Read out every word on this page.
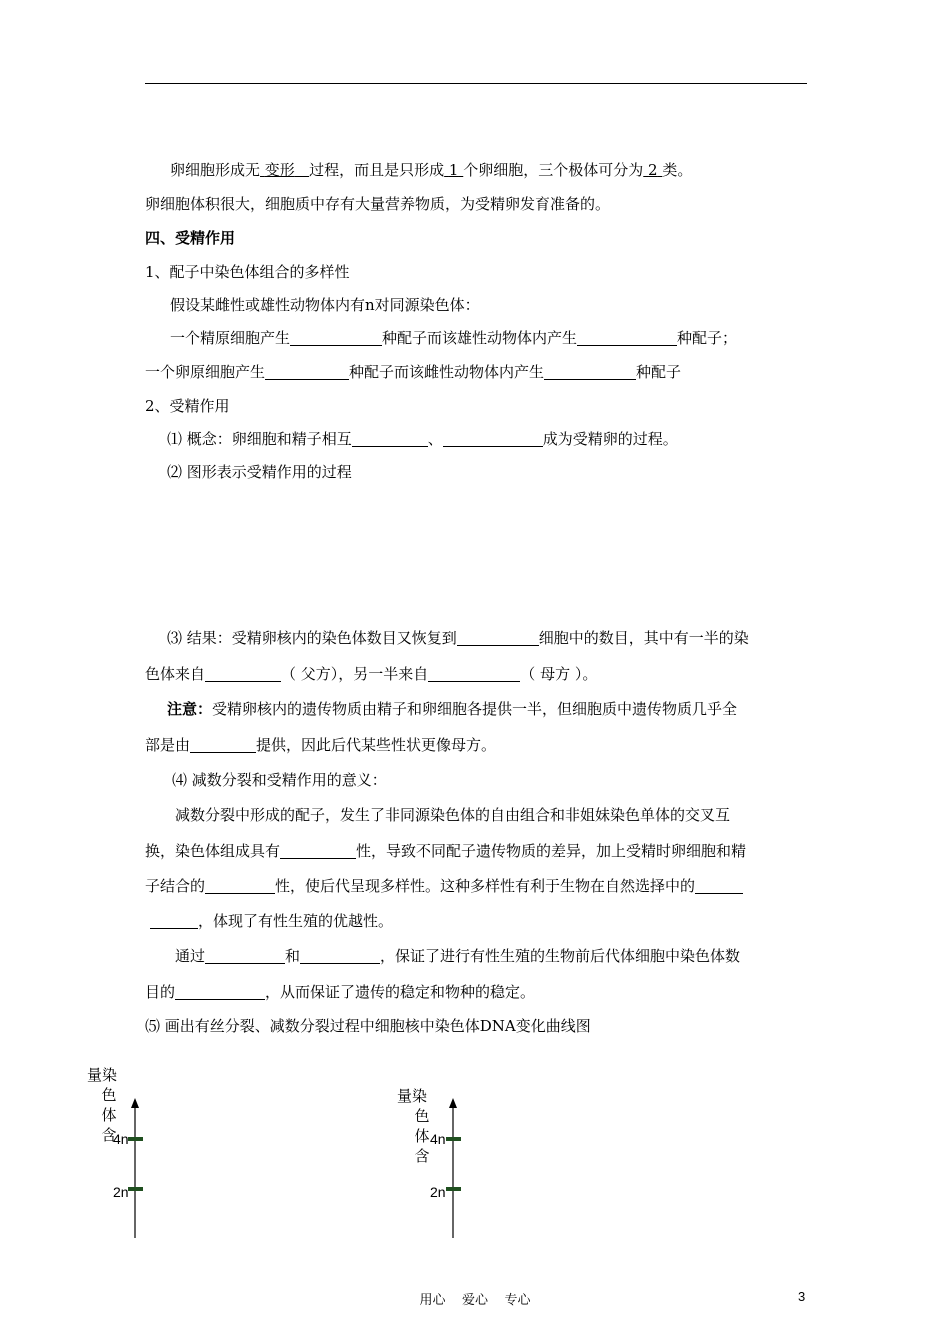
卵细胞形成无 变形 过程，而且是只形成 1 个卵细胞，三个极体可分为 2 类。
卵细胞体积很大，细胞质中存有大量营养物质，为受精卵发育准备的。
四、受精作用
1、配子中染色体组合的多样性
假设某雌性或雄性动物体内有n对同源染色体：
一个精原细胞产生	种配子而该雄性动物体内产生	种配子；
一个卵原细胞产生	种配子而该雌性动物体内产生	种配子
2、受精作用
⑴ 概念：卵细胞和精子相互	、	成为受精卵的过程。
⑵ 图形表示受精作用的过程
⑶ 结果：受精卵核内的染色体数目又恢复到	细胞中的数目，其中有一半的染
色体来自	（ 父方），另一半来自	（ 母方 ）。
注意：受精卵核内的遗传物质由精子和卵细胞各提供一半，但细胞质中遗传物质几乎全
部是由	提供，因此后代某些性状更像母方。
⑷ 减数分裂和受精作用的意义：
减数分裂中形成的配子，发生了非同源染色体的自由组合和非姐妹染色单体的交叉互
换，染色体组成具有	性，导致不同配子遗传物质的差异，加上受精时卵细胞和精
子结合的	性，使后代呈现多样性。这种多样性有利于生物在自然选择中的
，体现了有性生殖的优越性。
通过	和	，保证了进行有性生殖的生物前后代体细胞中染色体数
目的	，从而保证了遗传的稳定和物种的稳定。
⑸ 画出有丝分裂、减数分裂过程中细胞核中染色体DNA变化曲线图
量染
色
体
含
4n
2n
量染
色
体
含
4n
2n
用心    爱心    专心	3
